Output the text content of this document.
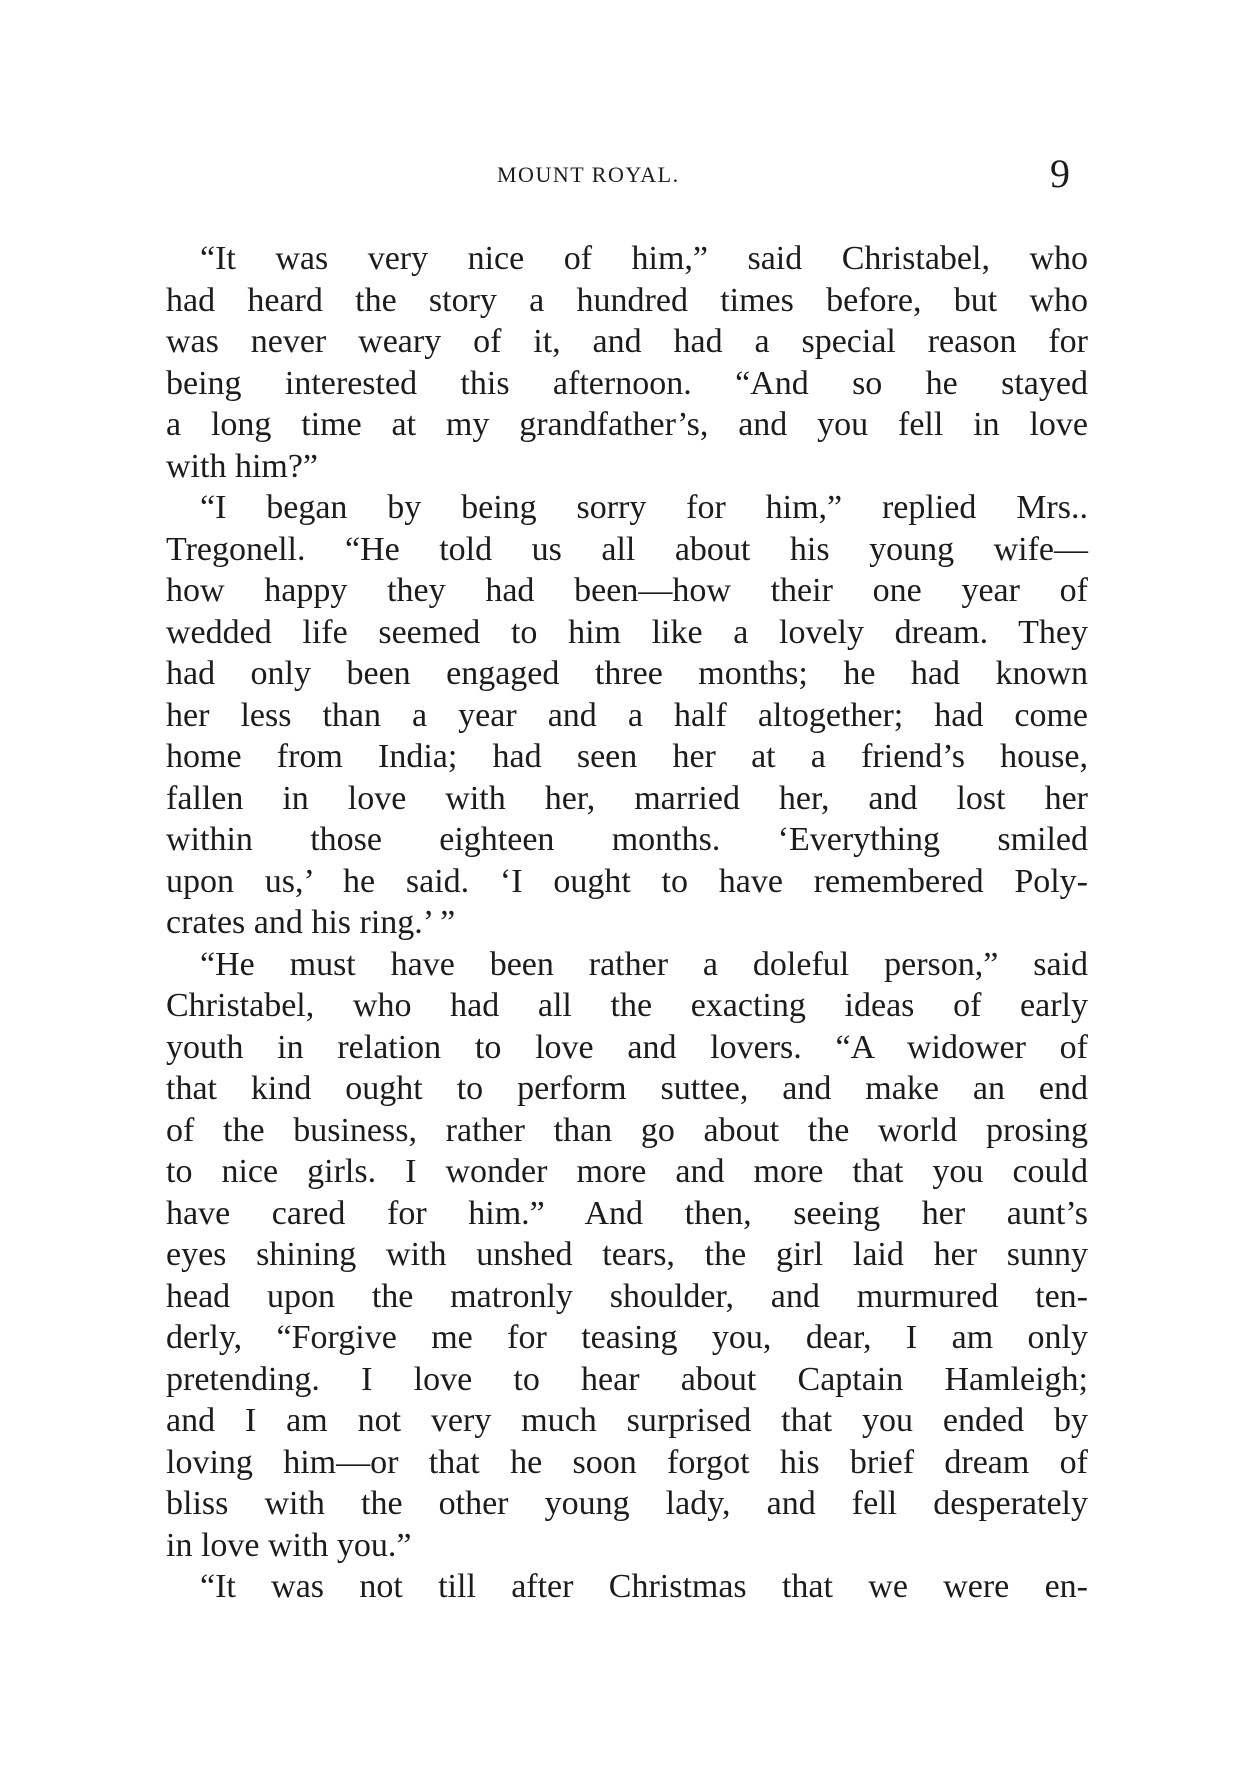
MOUNT ROYAL.	9
“It was very nice of him,” said Christabel, who
had heard the story a hundred times before, but who
was never weary of it, and had a special reason for
being interested this afternoon. “And so he stayed
a long time at my grandfather’s, and you fell in love
with him?”
“I began by being sorry for him,” replied Mrs..
Tregonell. “He told us all about his young wife—
how happy they had been—how their one year of
wedded life seemed to him like a lovely dream. They
had only been engaged three months; he had known
her less than a year and a half altogether; had come
home from India; had seen her at a friend’s house,
fallen in love with her, married her, and lost her
within those eighteen months. ‘Everything smiled
upon us,’ he said. ‘I ought to have remembered Poly-
crates and his ring.’ ”
“He must have been rather a doleful person,” said
Christabel, who had all the exacting ideas of early
youth in relation to love and lovers. “A widower of
that kind ought to perform suttee, and make an end
of the business, rather than go about the world prosing
to nice girls. I wonder more and more that you could
have cared for him.” And then, seeing her aunt’s
eyes shining with unshed tears, the girl laid her sunny
head upon the matronly shoulder, and murmured ten-
derly, “Forgive me for teasing you, dear, I am only
pretending. I love to hear about Captain Hamleigh;
and I am not very much surprised that you ended by
loving him—or that he soon forgot his brief dream of
bliss with the other young lady, and fell desperately
in love with you.”
“It was not till after Christmas that we were en-
